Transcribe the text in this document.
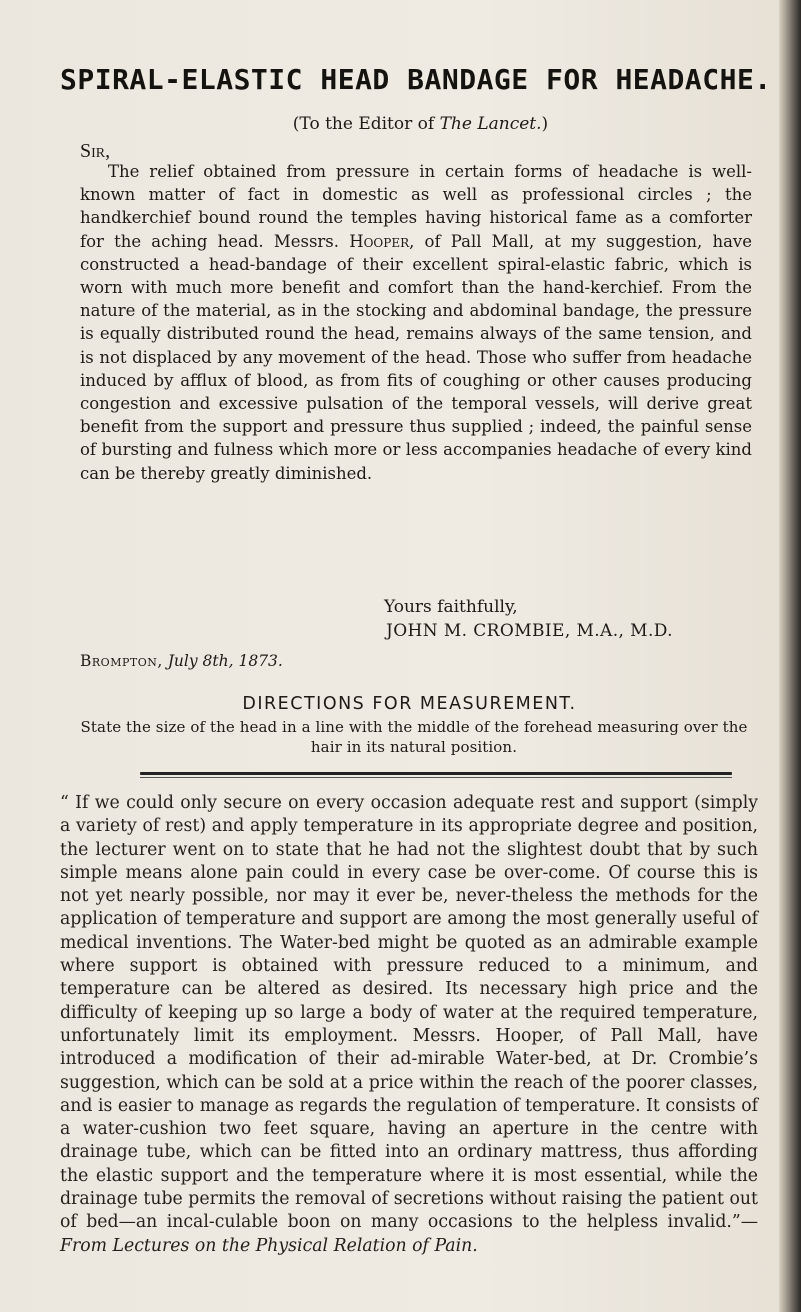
SPIRAL-ELASTIC HEAD BANDAGE FOR HEADACHE.
(To the Editor of The Lancet.)
Sir,

The relief obtained from pressure in certain forms of headache is well-known matter of fact in domestic as well as professional circles ; the handkerchief bound round the temples having historical fame as a comforter for the aching head. Messrs. Hooper, of Pall Mall, at my suggestion, have constructed a head-bandage of their excellent spiral-elastic fabric, which is worn with much more benefit and comfort than the hand-kerchief. From the nature of the material, as in the stocking and abdominal bandage, the pressure is equally distributed round the head, remains always of the same tension, and is not displaced by any movement of the head. Those who suffer from headache induced by afflux of blood, as from fits of coughing or other causes producing congestion and excessive pulsation of the temporal vessels, will derive great benefit from the support and pressure thus supplied ; indeed, the painful sense of bursting and fulness which more or less accompanies headache of every kind can be thereby greatly diminished.

Yours faithfully,
JOHN M. CROMBIE, M.A., M.D.
Brompton, July 8th, 1873.
DIRECTIONS FOR MEASUREMENT.
State the size of the head in a line with the middle of the forehead measuring over the hair in its natural position.

“ If we could only secure on every occasion adequate rest and support (simply a variety of rest) and apply temperature in its appropriate degree and position, the lecturer went on to state that he had not the slightest doubt that by such simple means alone pain could in every case be over-come. Of course this is not yet nearly possible, nor may it ever be, never-theless the methods for the application of temperature and support are among the most generally useful of medical inventions. The Water-bed might be quoted as an admirable example where support is obtained with pressure reduced to a minimum, and temperature can be altered as desired. Its necessary high price and the difficulty of keeping up so large a body of water at the required temperature, unfortunately limit its employment. Messrs. Hooper, of Pall Mall, have introduced a modification of their ad-mirable Water-bed, at Dr. Crombie’s suggestion, which can be sold at a price within the reach of the poorer classes, and is easier to manage as regards the regulation of temperature. It consists of a water-cushion two feet square, having an aperture in the centre with drainage tube, which can be fitted into an ordinary mattress, thus affording the elastic support and the temperature where it is most essential, while the drainage tube permits the removal of secretions without raising the patient out of bed—an incal-culable boon on many occasions to the helpless invalid.”—From Lectures on the Physical Relation of Pain.
